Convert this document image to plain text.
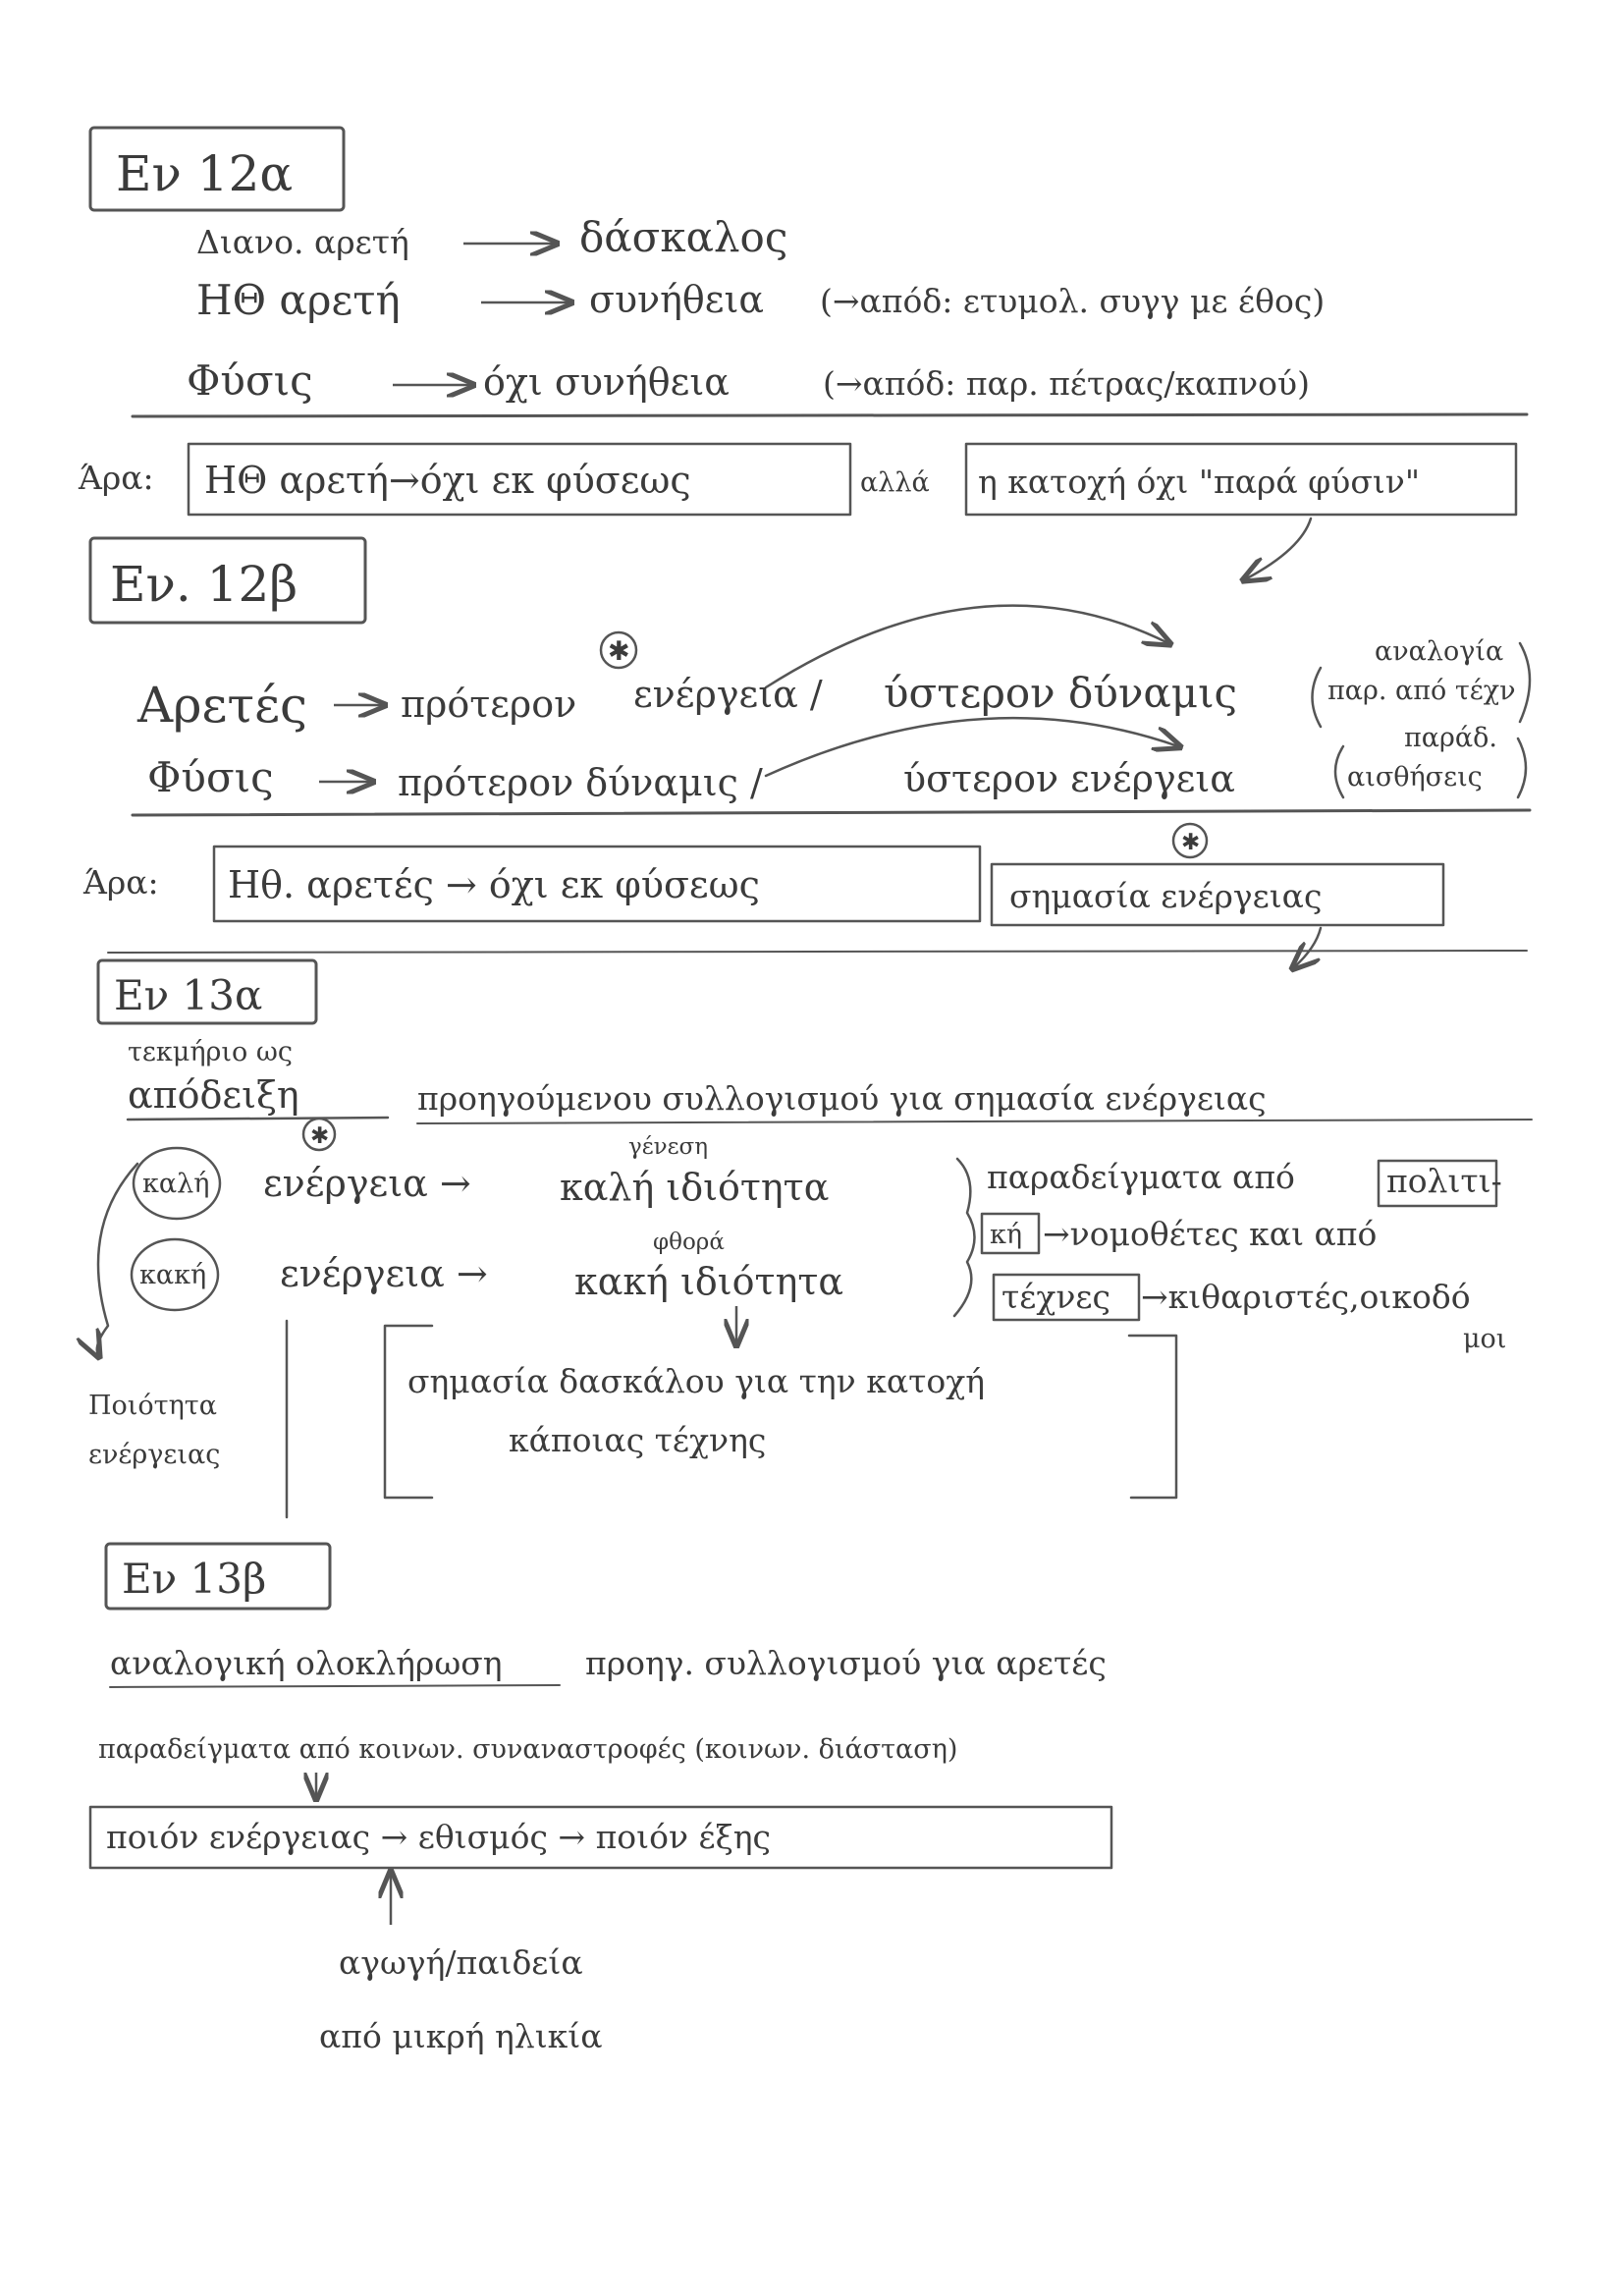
Εν 12α
Διανο. αρετή	δάσκαλος
ΗΘ αρετή	συνήθεια (→απόδ: ετυμολ. συγγ με έθος)
Φύσις	όχι συνήθεια	(→απόδ: παρ. πέτρας/καπνού)
Άρα: ΗΘ αρετή→όχι εκ φύσεως	αλλά η κατοχή όχι "παρά φύσιν"
Εν. 12β
✱
Αρετές	πρότερον ενέργεια / ύστερον δύναμις
αναλογία
παρ. από τέχν
Φύσις	πρότερον δύναμις /	ύστερον ενέργεια
παράδ.
αισθήσεις
Άρα: Ηθ. αρετές → όχι εκ φύσεως
✱
σημασία ενέργειας
Εν 13α
τεκμήριο ως
απόδειξη	προηγούμενου συλλογισμού για σημασία ενέργειας
✱
καλή
κακή
ενέργεια →
γένεση
καλή ιδιότητα
ενέργεια →
φθορά
κακή ιδιότητα
παραδείγματα από	πολιτι-
κή →νομοθέτες και από
τέχνες →κιθαριστές,οικοδό
μοι
Ποιότητα
ενέργειας
σημασία δασκάλου για την κατοχή
κάποιας τέχνης
Εν 13β
αναλογική ολοκλήρωση	προηγ. συλλογισμού για αρετές
παραδείγματα από κοινων. συναναστροφές (κοινων. διάσταση)
ποιόν ενέργειας → εθισμός → ποιόν έξης
αγωγή/παιδεία
από μικρή ηλικία
